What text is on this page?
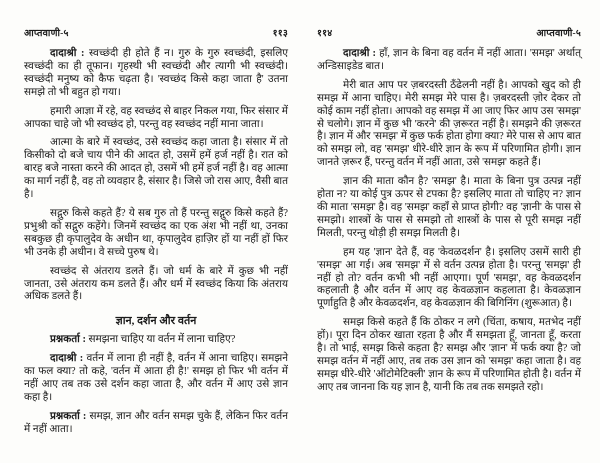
आप्तवाणी-५	११३

दादाश्री : स्वच्छंदी ही होते हैं न। गुरु के गुरु स्वच्छंदी, इसलिए स्वच्छंदी का ही तूफान। गृहस्थी भी स्वच्छंदी और त्यागी भी स्वच्छंदी। स्वच्छंदी मनुष्य को कैफ चढ़ता है। 'स्वच्छंद किसे कहा जाता है' उतना समझे तो भी बहुत हो गया।

हमारी आज्ञा में रहे, वह स्वच्छंद से बाहर निकल गया, फिर संसार में आपका चाहे जो भी स्वच्छंद हो, परन्तु वह स्वच्छंद नहीं माना जाता।

आत्मा के बारे में स्वच्छंद, उसे स्वच्छंद कहा जाता है। संसार में तो किसीको दो बजे चाय पीने की आदत हो, उसमें हमें हर्ज नहीं है। रात को बारह बजे नास्ता करने की आदत हो, उसमें भी हमें हर्ज नहीं है। वह आत्मा का मार्ग नहीं है, वह तो व्यवहार है, संसार है। जिसे जो रास आए, वैसी बात है।

सद्गुरु किसे कहते हैं? ये सब गुरु तो हैं परन्तु सद्गुरु किसे कहते हैं? प्रभुश्री को सद्गुरु कहेंगे। जिनमें स्वच्छंद का एक अंश भी नहीं था, उनका सबकुछ ही कृपालुदेव के अधीन था, कृपालुदेव हाज़िर हों या नहीं हों फिर भी उनके ही अधीन। वे सच्चे पुरुष थे।

स्वच्छंद से अंतराय डलते हैं। जो धर्म के बारे में कुछ भी नहीं जानता, उसे अंतराय कम डलते हैं। और धर्म में स्वच्छंद किया कि अंतराय अधिक डलते हैं।

ज्ञान, दर्शन और वर्तन

प्रश्नकर्ता : समझना चाहिए या वर्तन में लाना चाहिए?

दादाश्री : वर्तन में लाना ही नहीं है, वर्तन में आना चाहिए। समझने का फल क्या? तो कहे, 'वर्तन में आता ही है!' समझ हो फिर भी वर्तन में नहीं आए तब तक उसे दर्शन कहा जाता है, और वर्तन में आए उसे ज्ञान कहा है।

प्रश्नकर्ता : समझ, ज्ञान और वर्तन समझ चुके हैं, लेकिन फिर वर्तन में नहीं आता।

११४	आप्तवाणी-५

दादाश्री : हाँ, ज्ञान के बिना वह वर्तन में नहीं आता। 'समझ' अर्थात् अन्डिसाइडेड बात।

मेरी बात आप पर ज़बरदस्ती ठँढेलनी नहीं है। आपको खुद को ही समझ में आना चाहिए। मेरी समझ मेरे पास है। ज़बरदस्ती ज़ोर देकर तो कोई काम नहीं होता। आपको वह समझ में आ जाए फिर आप उस 'समझ' से चलोगे। ज्ञान में कुछ भी 'करने' की ज़रूरत नहीं है। समझने की ज़रूरत है। ज्ञान में और 'समझ' में कुछ फर्क होता होगा क्या? मेरे पास से आप बात को समझ लो, वह 'समझ' धीरे-धीरे ज्ञान के रूप में परिणामित होगी। ज्ञान जानते ज़रूर हैं, परन्तु वर्तन में नहीं आता, उसे 'समझ' कहते हैं।

ज्ञान की माता कौन है? 'समझ' है। माता के बिना पुत्र उत्पन्न नहीं होता न? या कोई पुत्र ऊपर से टपका है? इसलिए माता तो चाहिए न? ज्ञान की माता 'समझ' है। वह 'समझ' कहाँ से प्राप्त होगी? वह 'ज्ञानी' के पास से समझो। शास्त्रों के पास से समझो तो शास्त्रों के पास से पूरी समझ नहीं मिलती, परन्तु थोड़ी ही समझ मिलती है।

हम यह 'ज्ञान' देते हैं, वह 'केवळदर्शन' है। इसलिए उसमें सारी ही 'समझ' आ गई। अब 'समझ' में से वर्तन उत्पन्न होता है। परन्तु 'समझ' ही नहीं हो तो? वर्तन कभी भी नहीं आएगा। पूर्ण 'समझ', वह केवळदर्शन कहलाती है और वर्तन में आए वह केवळज्ञान कहलाता है। केवळज्ञान पूर्णाहुति है और केवळदर्शन, वह केवळज्ञान की बिगिनिंग (शुरूआत) है।

समझ किसे कहते हैं कि ठोकर न लगे (चिंता, कषाय, मतभेद नहीं हों)। पूरा दिन ठोकर खाता रहता है और मैं समझता हूँ, जानता हूँ, करता है। तो भाई, समझ किसे कहता है? समझ और 'ज्ञान' में फर्क क्या है? जो समझ वर्तन में नहीं आए, तब तक उस ज्ञान को 'समझ' कहा जाता है। वह समझ धीरे-धीरे 'ऑटोमेटिक्ली' ज्ञान के रूप में परिणामित होती है। वर्तन में आए तब जानना कि यह ज्ञान है, यानी कि तब तक समझते रहो।
